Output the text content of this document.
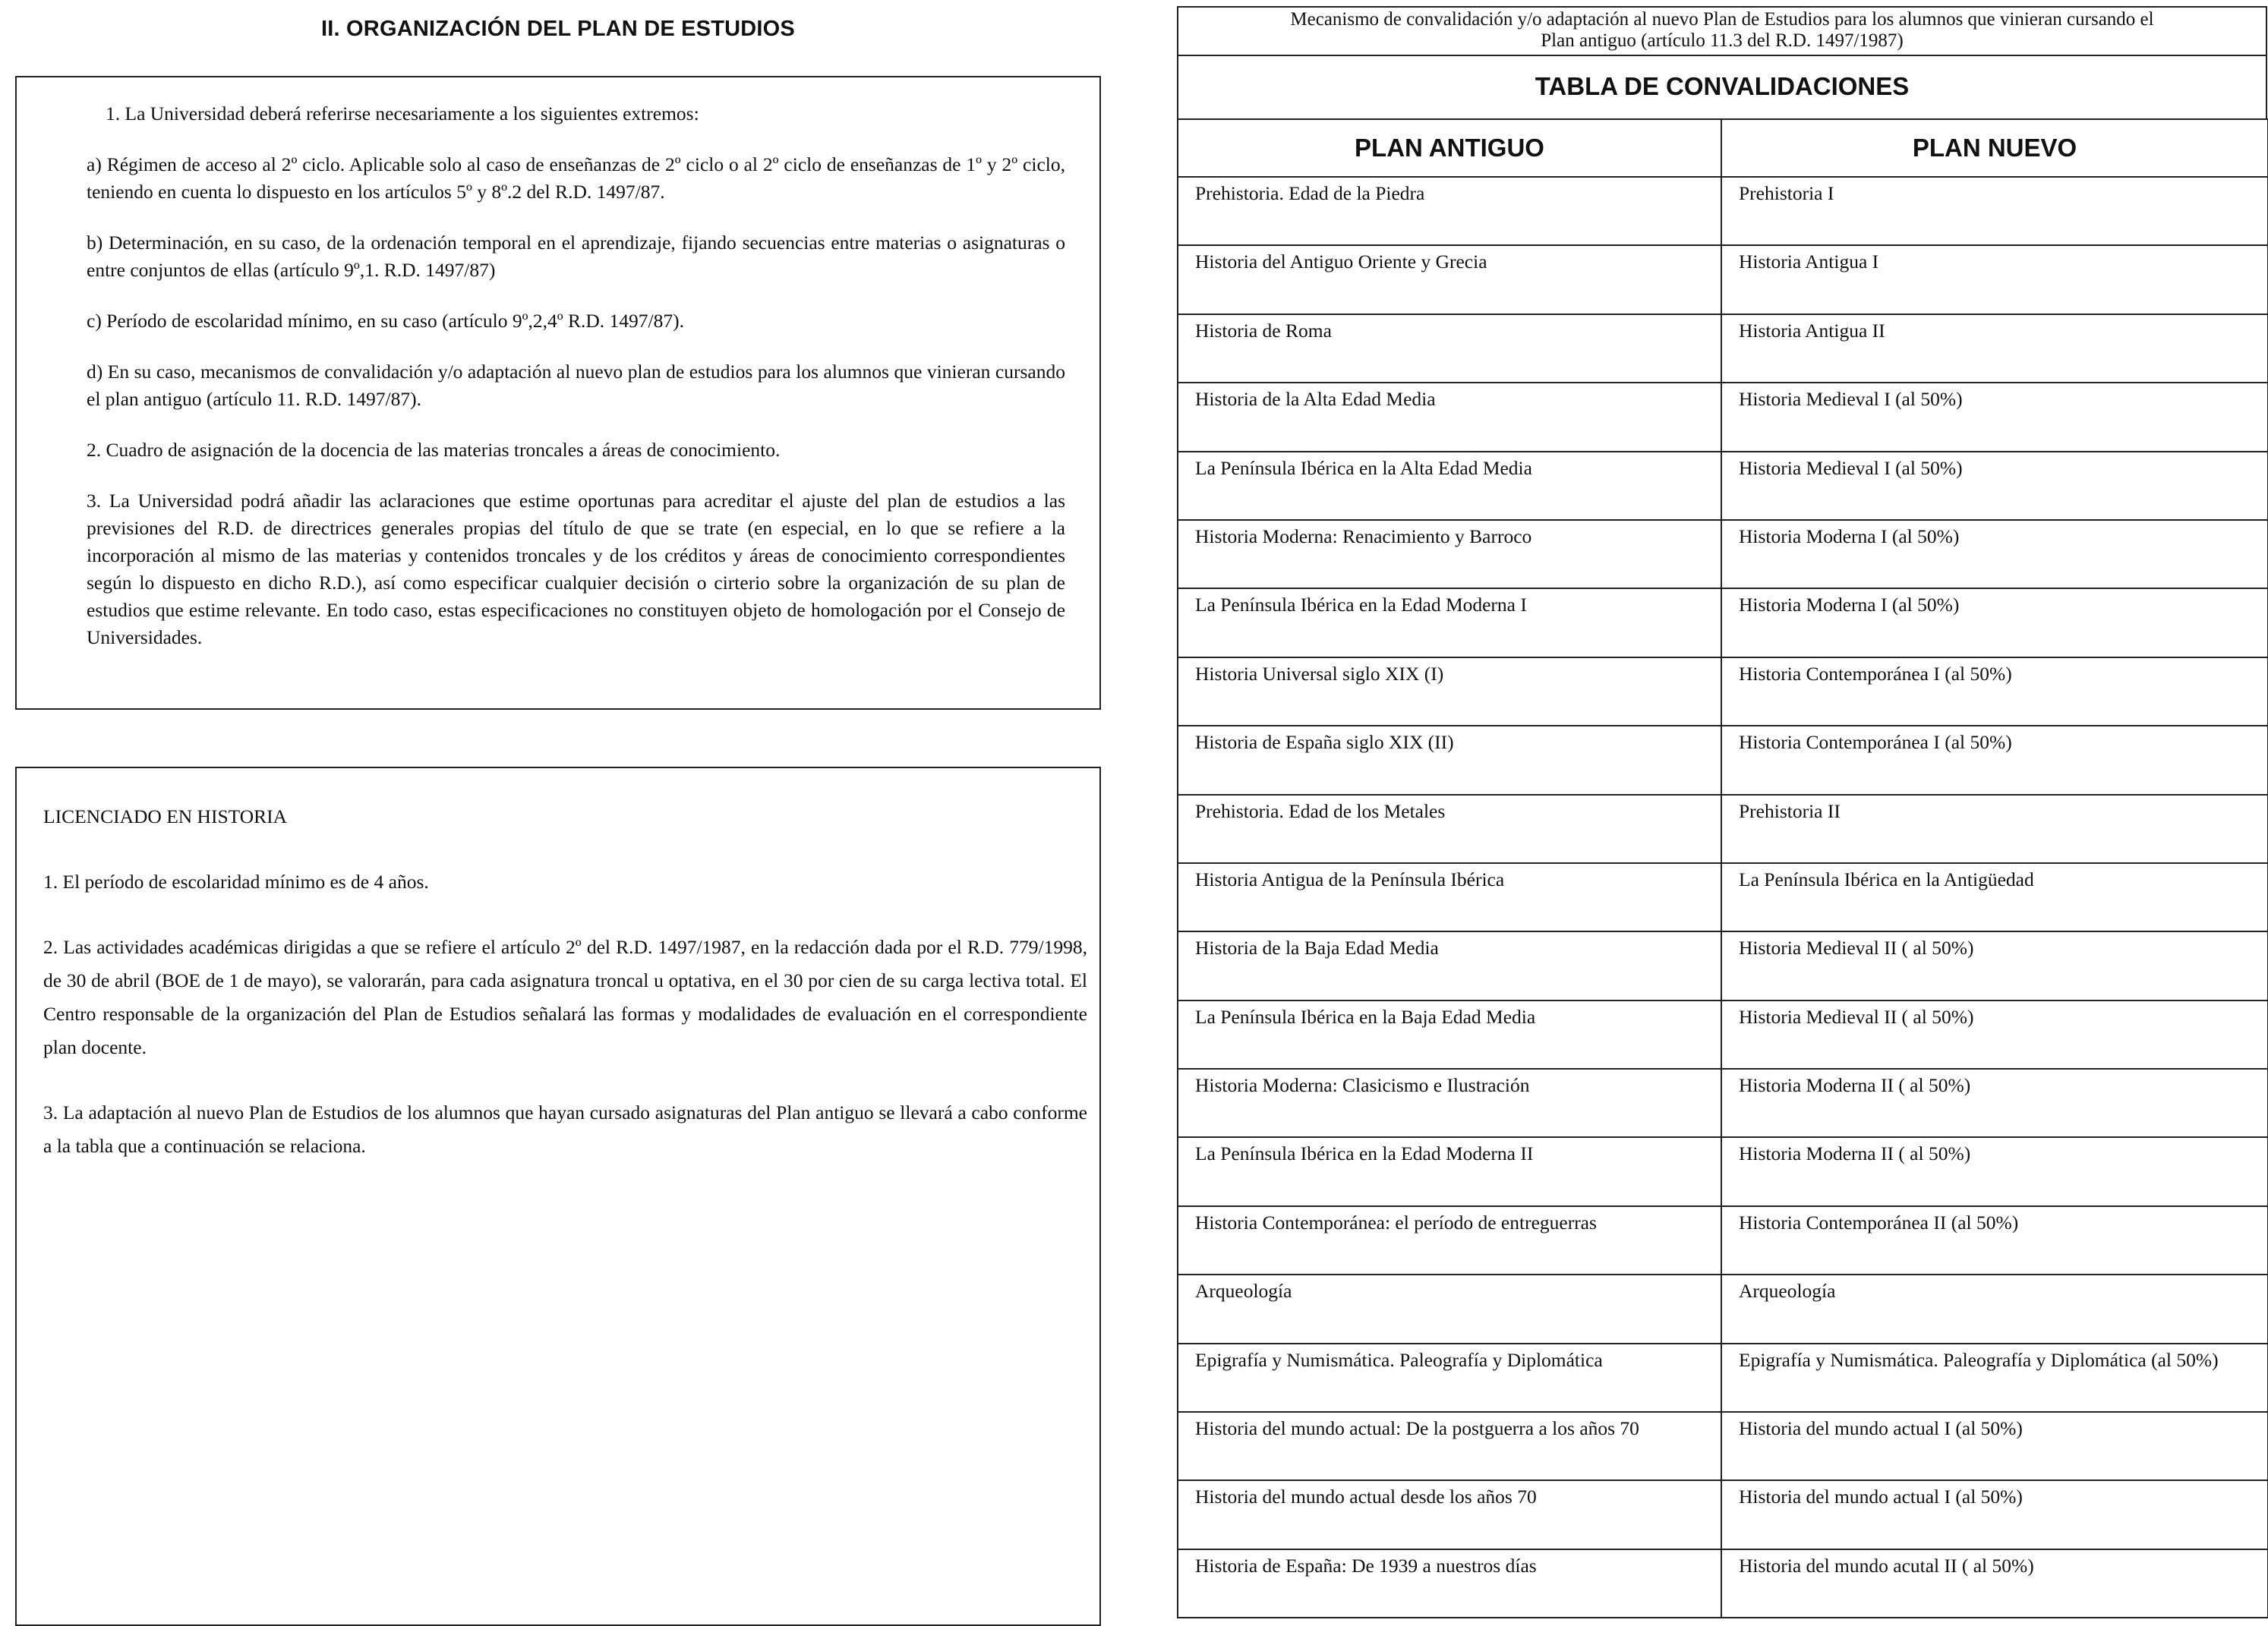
II. ORGANIZACIÓN DEL PLAN DE ESTUDIOS

1. La Universidad deberá referirse necesariamente a los siguientes extremos:

a) Régimen de acceso al 2º ciclo. Aplicable solo al caso de enseñanzas de 2º ciclo o al 2º ciclo de enseñanzas de 1º y 2º ciclo, teniendo en cuenta lo dispuesto en los artículos 5º y 8º.2 del R.D. 1497/87.

b) Determinación, en su caso, de la ordenación temporal en el aprendizaje, fijando secuencias entre materias o asignaturas o entre conjuntos de ellas (artículo 9º,1. R.D. 1497/87)

c) Período de escolaridad mínimo, en su caso (artículo 9º,2,4º R.D. 1497/87).

d) En su caso, mecanismos de convalidación y/o adaptación al nuevo plan de estudios para los alumnos que vinieran cursando el plan antiguo (artículo 11. R.D. 1497/87).

2. Cuadro de asignación de la docencia de las materias troncales a áreas de conocimiento.

3. La Universidad podrá añadir las aclaraciones que estime oportunas para acreditar el ajuste del plan de estudios a las previsiones del R.D. de directrices generales propias del título de que se trate (en especial, en lo que se refiere a la incorporación al mismo de las materias y contenidos troncales y de los créditos y áreas de conocimiento correspondientes según lo dispuesto en dicho R.D.), así como especificar cualquier decisión o cirterio sobre la organización de su plan de estudios que estime relevante. En todo caso, estas especificaciones no constituyen objeto de homologación por el Consejo de Universidades.

LICENCIADO EN HISTORIA

1. El período de escolaridad mínimo es de 4 años.

2. Las actividades académicas dirigidas a que se refiere el artículo 2º del R.D. 1497/1987, en la redacción dada por el R.D. 779/1998, de 30 de abril (BOE de 1 de mayo), se valorarán, para cada asignatura troncal u optativa, en el 30 por cien de su carga lectiva total. El Centro responsable de la organización del Plan de Estudios señalará las formas y modalidades de evaluación en el correspondiente plan docente.

3. La adaptación al nuevo Plan de Estudios de los alumnos que hayan cursado asignaturas del Plan antiguo se llevará a cabo conforme a la tabla que a continuación se relaciona.

Mecanismo de convalidación y/o adaptación al nuevo Plan de Estudios para los alumnos que vinieran cursando el
Plan antiguo (artículo 11.3 del R.D. 1497/1987)
TABLA DE CONVALIDACIONES
PLAN ANTIGUO	PLAN NUEVO
Prehistoria. Edad de la Piedra	Prehistoria I
Historia del Antiguo Oriente y Grecia	Historia Antigua I
Historia de Roma	Historia Antigua II
Historia de la Alta Edad Media	Historia Medieval I (al 50%)
La Península Ibérica en la Alta Edad Media	Historia Medieval I (al 50%)
Historia Moderna: Renacimiento y Barroco	Historia Moderna I (al 50%)
La Península Ibérica en la Edad Moderna I	Historia Moderna I (al 50%)
Historia Universal siglo XIX (I)	Historia Contemporánea I (al 50%)
Historia de España siglo XIX (II)	Historia Contemporánea I (al 50%)
Prehistoria. Edad de los Metales	Prehistoria II
Historia Antigua de la Península Ibérica	La Península Ibérica en la Antigüedad
Historia de la Baja Edad Media	Historia Medieval II ( al 50%)
La Península Ibérica en la Baja Edad Media	Historia Medieval II ( al 50%)
Historia Moderna: Clasicismo e Ilustración	Historia Moderna II ( al 50%)
La Península Ibérica en la Edad Moderna II	Historia Moderna II ( al 50%)
Historia Contemporánea: el período de entreguerras	Historia Contemporánea II (al 50%)
Arqueología	Arqueología
Epigrafía y Numismática. Paleografía y Diplomática	Epigrafía y Numismática. Paleografía y Diplomática (al 50%)
Historia del mundo actual: De la postguerra a los años 70	Historia del mundo actual I (al 50%)
Historia del mundo actual desde los años 70	Historia del mundo actual I (al 50%)
Historia de España: De 1939 a nuestros días	Historia del mundo acutal II ( al 50%)
